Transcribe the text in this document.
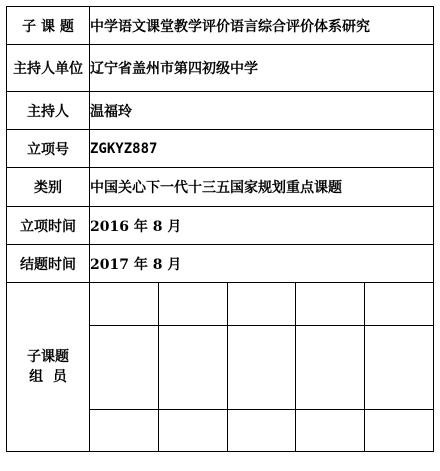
子 课 题	中学语文课堂教学评价语言综合评价体系研究
主持人单位	辽宁省盖州市第四初级中学
主持人	温福玲
立项号	ZGKYZ887
类别	中国关心下一代十三五国家规划重点课题
立项时间	2016 年 8 月
结题时间	2017 年 8 月

子课题
组  员
